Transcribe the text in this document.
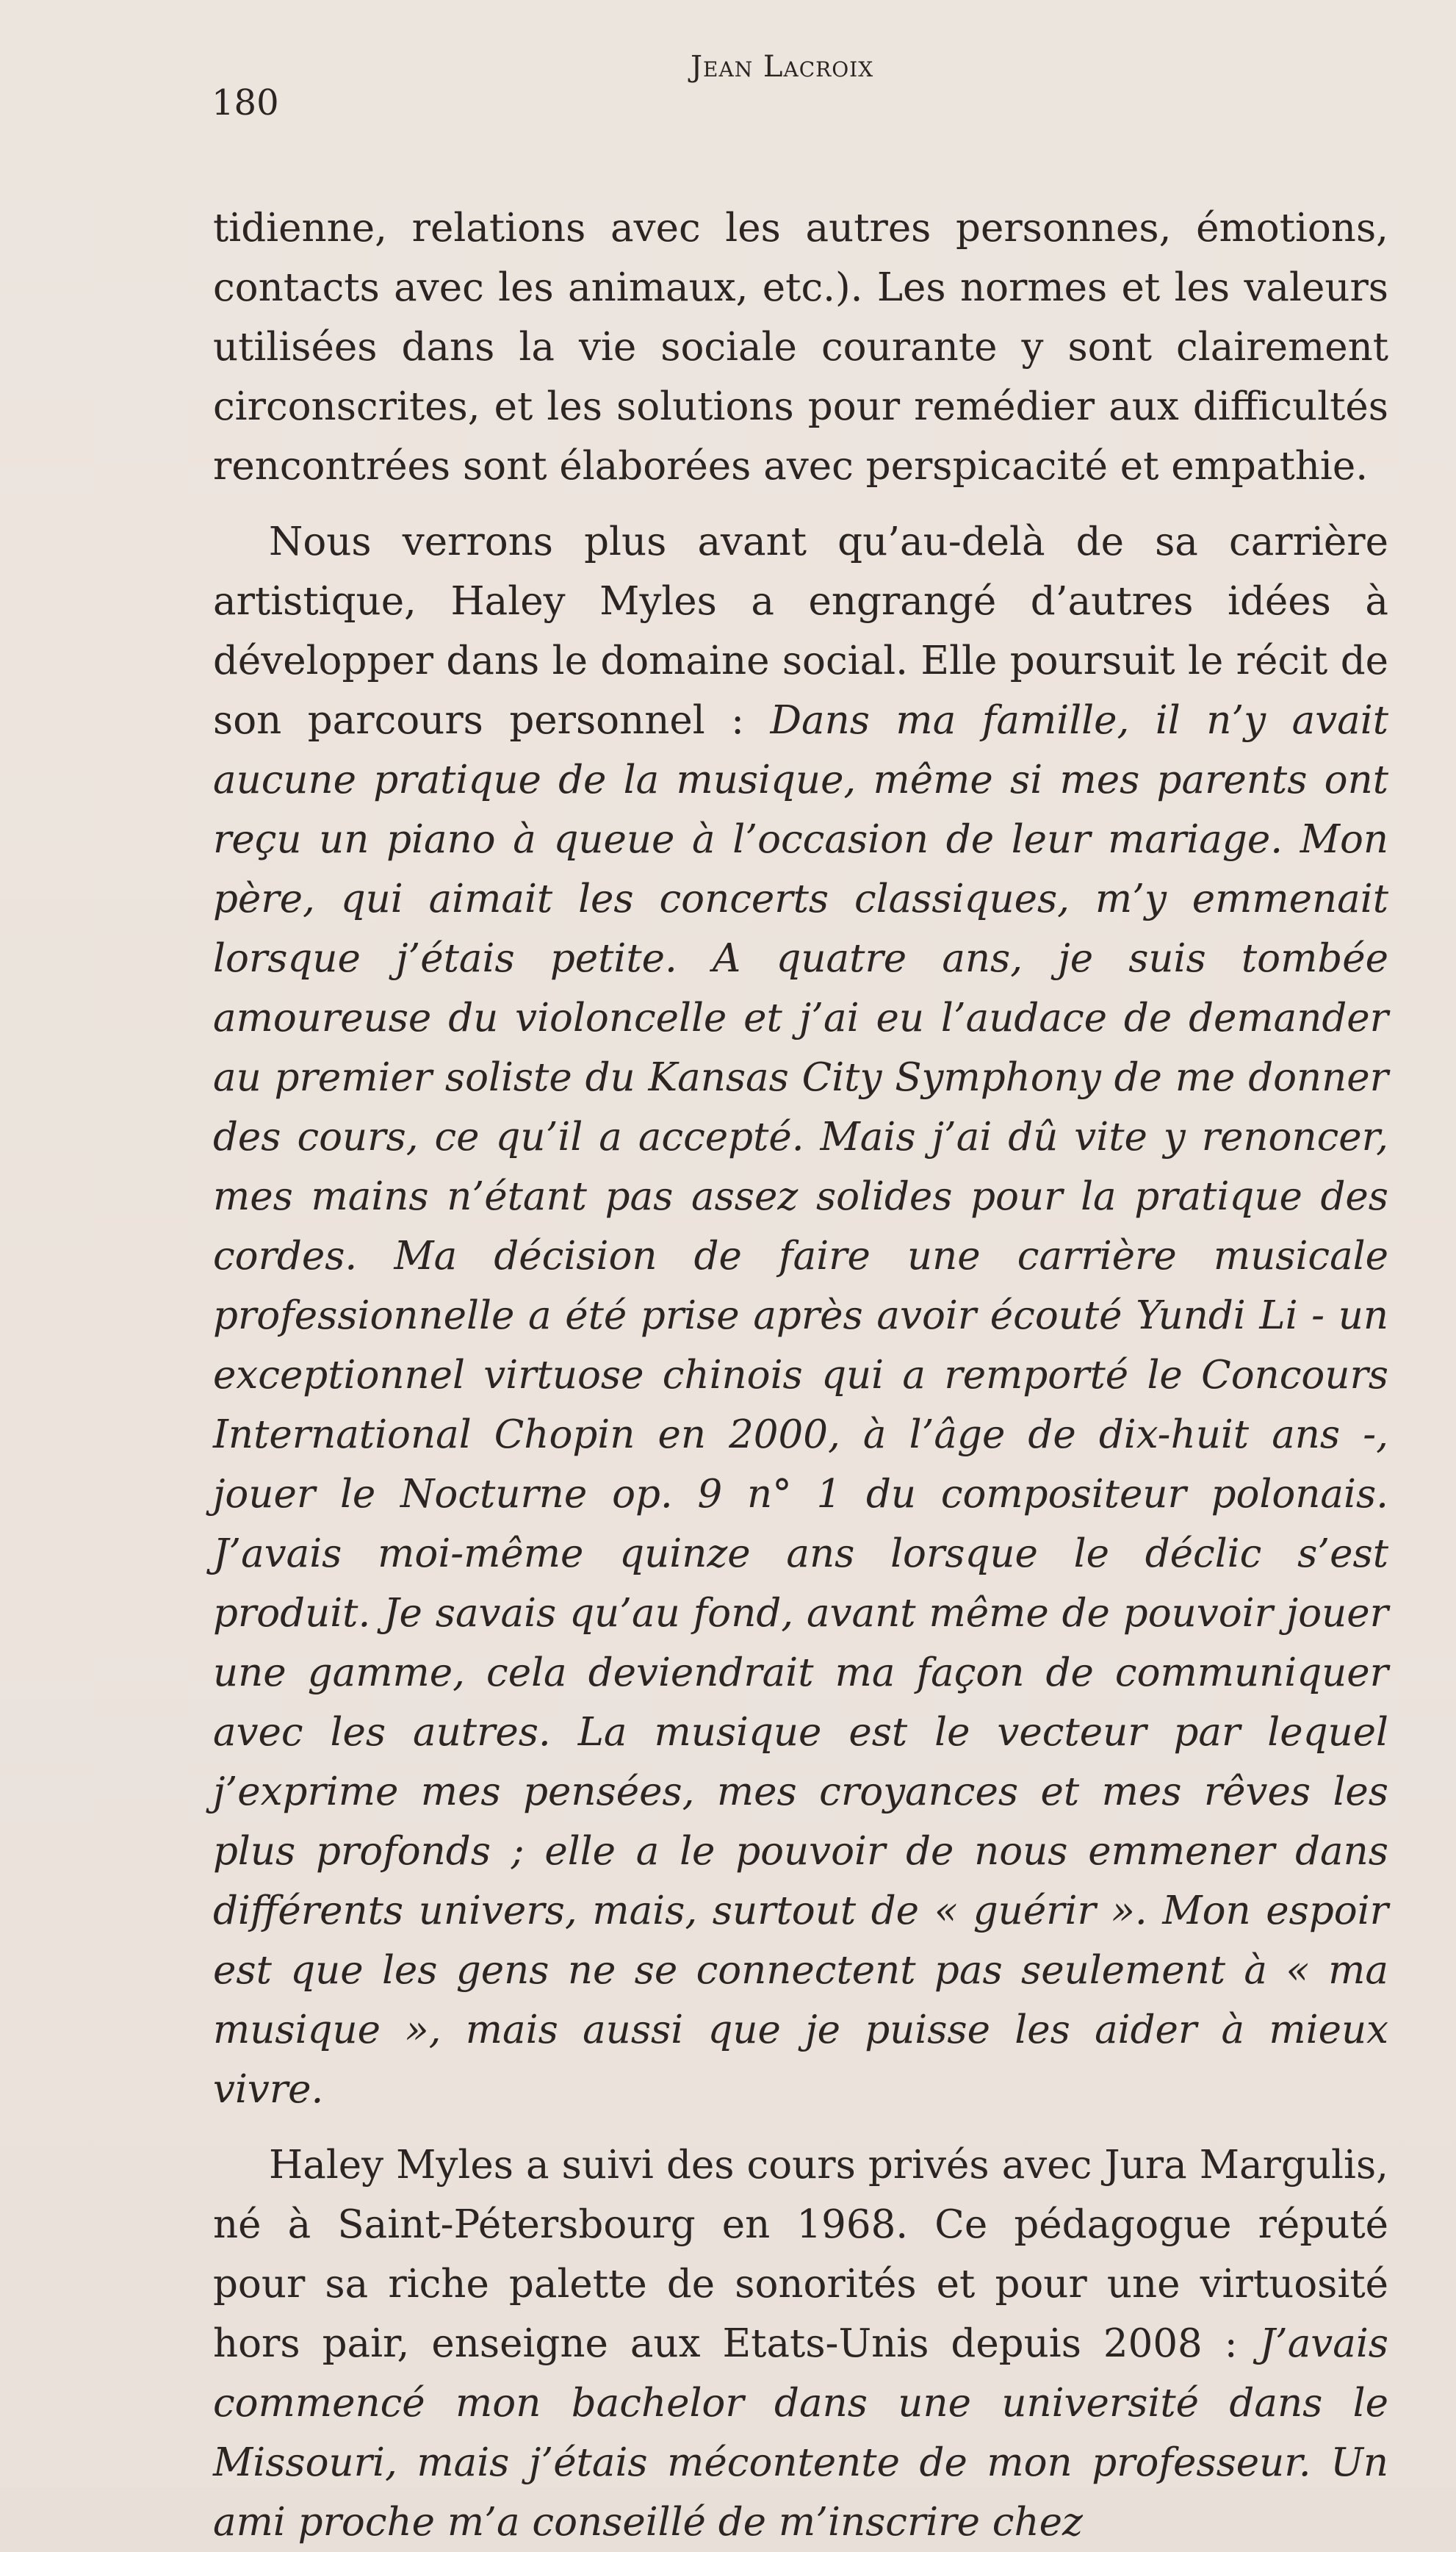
180
Jean Lacroix

tidienne, relations avec les autres personnes, émotions, contacts avec les animaux, etc.). Les normes et les valeurs utilisées dans la vie sociale courante y sont clairement circonscrites, et les solutions pour remédier aux difficultés rencontrées sont élaborées avec perspicacité et empathie.

Nous verrons plus avant qu’au-delà de sa carrière artistique, Haley Myles a engrangé d’autres idées à développer dans le domaine social. Elle poursuit le récit de son parcours personnel : Dans ma famille, il n’y avait aucune pratique de la musique, même si mes parents ont reçu un piano à queue à l’occasion de leur mariage. Mon père, qui aimait les concerts classiques, m’y emmenait lorsque j’étais petite. A quatre ans, je suis tombée amoureuse du violoncelle et j’ai eu l’audace de demander au premier soliste du Kansas City Symphony de me donner des cours, ce qu’il a accepté. Mais j’ai dû vite y renoncer, mes mains n’étant pas assez solides pour la pratique des cordes. Ma décision de faire une carrière musicale professionnelle a été prise après avoir écouté Yundi Li - un exceptionnel virtuose chinois qui a remporté le Concours International Chopin en 2000, à l’âge de dix-huit ans -, jouer le Nocturne op. 9 n° 1 du compositeur polonais. J’avais moi-même quinze ans lorsque le déclic s’est produit. Je savais qu’au fond, avant même de pouvoir jouer une gamme, cela deviendrait ma façon de communiquer avec les autres. La musique est le vecteur par lequel j’exprime mes pensées, mes croyances et mes rêves les plus profonds ; elle a le pouvoir de nous emmener dans différents univers, mais, surtout de « guérir ». Mon espoir est que les gens ne se connectent pas seulement à « ma musique », mais aussi que je puisse les aider à mieux vivre.

Haley Myles a suivi des cours privés avec Jura Margulis, né à Saint-Pétersbourg en 1968. Ce pédagogue réputé pour sa riche palette de sonorités et pour une virtuosité hors pair, enseigne aux Etats-Unis depuis 2008 : J’avais commencé mon bachelor dans une université dans le Missouri, mais j’étais mécontente de mon professeur. Un ami proche m’a conseillé de m’inscrire chez
